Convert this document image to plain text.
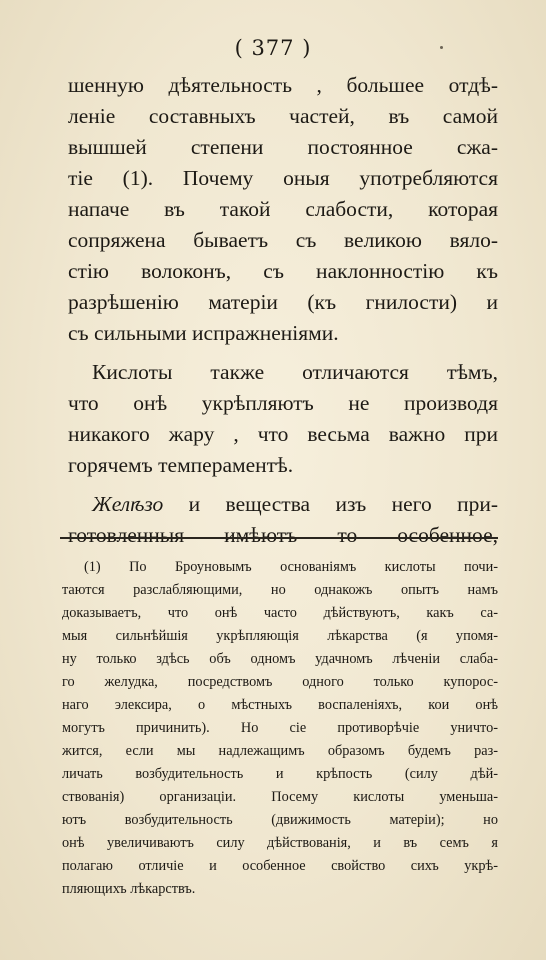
( 377 )
шенную дѣятельность , большее отдѣ-
леніе составныхъ частей, въ самой
вышшей степени постоянное сжа-
тіе (1). Почему оныя употребляются
напаче въ такой слабости, которая
сопряжена бываетъ съ великою вяло-
стію волоконъ, съ наклонностію къ
разрѣшенію матеріи (къ гнилости) и
съ сильными испражненіями.
Кислоты также отличаются тѣмъ,
что онѣ укрѣпляютъ не производя
никакого жару , что весьма важно при
горячемъ темпераментѣ.
Желѣзо и вещества изъ него при-
готовленныя имѣютъ то особенное,
(1) По Броуновымъ основаніямъ кислоты почи-
таются разслабляющими, но однакожъ опытъ намъ
доказываетъ, что онѣ часто дѣйствуютъ, какъ са-
мыя сильнѣйшія укрѣпляющія лѣкарства (я упомя-
ну только здѣсь объ одномъ удачномъ лѣченіи слаба-
го желудка, посредствомъ одного только купорос-
наго элексира, о мѣстныхъ воспаленіяхъ, кои онѣ
могутъ причинить). Но сіе противорѣчіе уничто-
жится, если мы надлежащимъ образомъ будемъ раз-
личать возбудительность и крѣпость (силу дѣй-
ствованія) организаціи. Посему кислоты уменьша-
ютъ возбудительность (движимость матеріи); но
онѣ увеличиваютъ силу дѣйствованія, и въ семъ я
полагаю отличіе и особенное свойство сихъ укрѣ-
пляющихъ лѣкарствъ.
